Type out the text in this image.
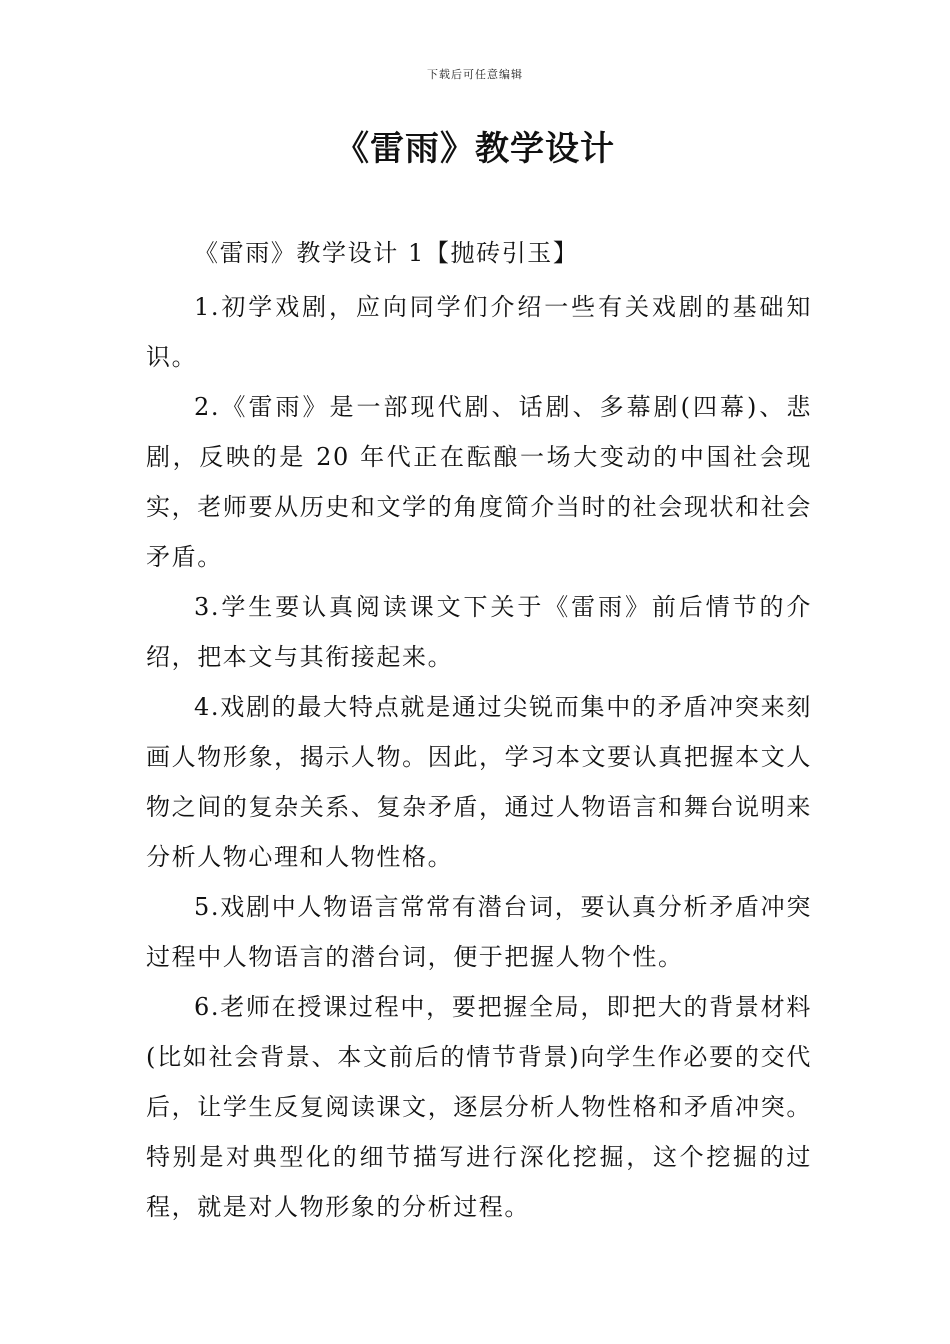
下载后可任意编辑
《雷雨》教学设计

《雷雨》教学设计 1【抛砖引玉】

1.初学戏剧，应向同学们介绍一些有关戏剧的基础知识。

2.《雷雨》是一部现代剧、话剧、多幕剧(四幕)、悲剧，反映的是 20 年代正在酝酿一场大变动的中国社会现实，老师要从历史和文学的角度简介当时的社会现状和社会矛盾。

3.学生要认真阅读课文下关于《雷雨》前后情节的介绍，把本文与其衔接起来。

4.戏剧的最大特点就是通过尖锐而集中的矛盾冲突来刻画人物形象，揭示人物。因此，学习本文要认真把握本文人物之间的复杂关系、复杂矛盾，通过人物语言和舞台说明来分析人物心理和人物性格。

5.戏剧中人物语言常常有潜台词，要认真分析矛盾冲突过程中人物语言的潜台词，便于把握人物个性。

6.老师在授课过程中，要把握全局，即把大的背景材料(比如社会背景、本文前后的情节背景)向学生作必要的交代后，让学生反复阅读课文，逐层分析人物性格和矛盾冲突。特别是对典型化的细节描写进行深化挖掘，这个挖掘的过程，就是对人物形象的分析过程。
